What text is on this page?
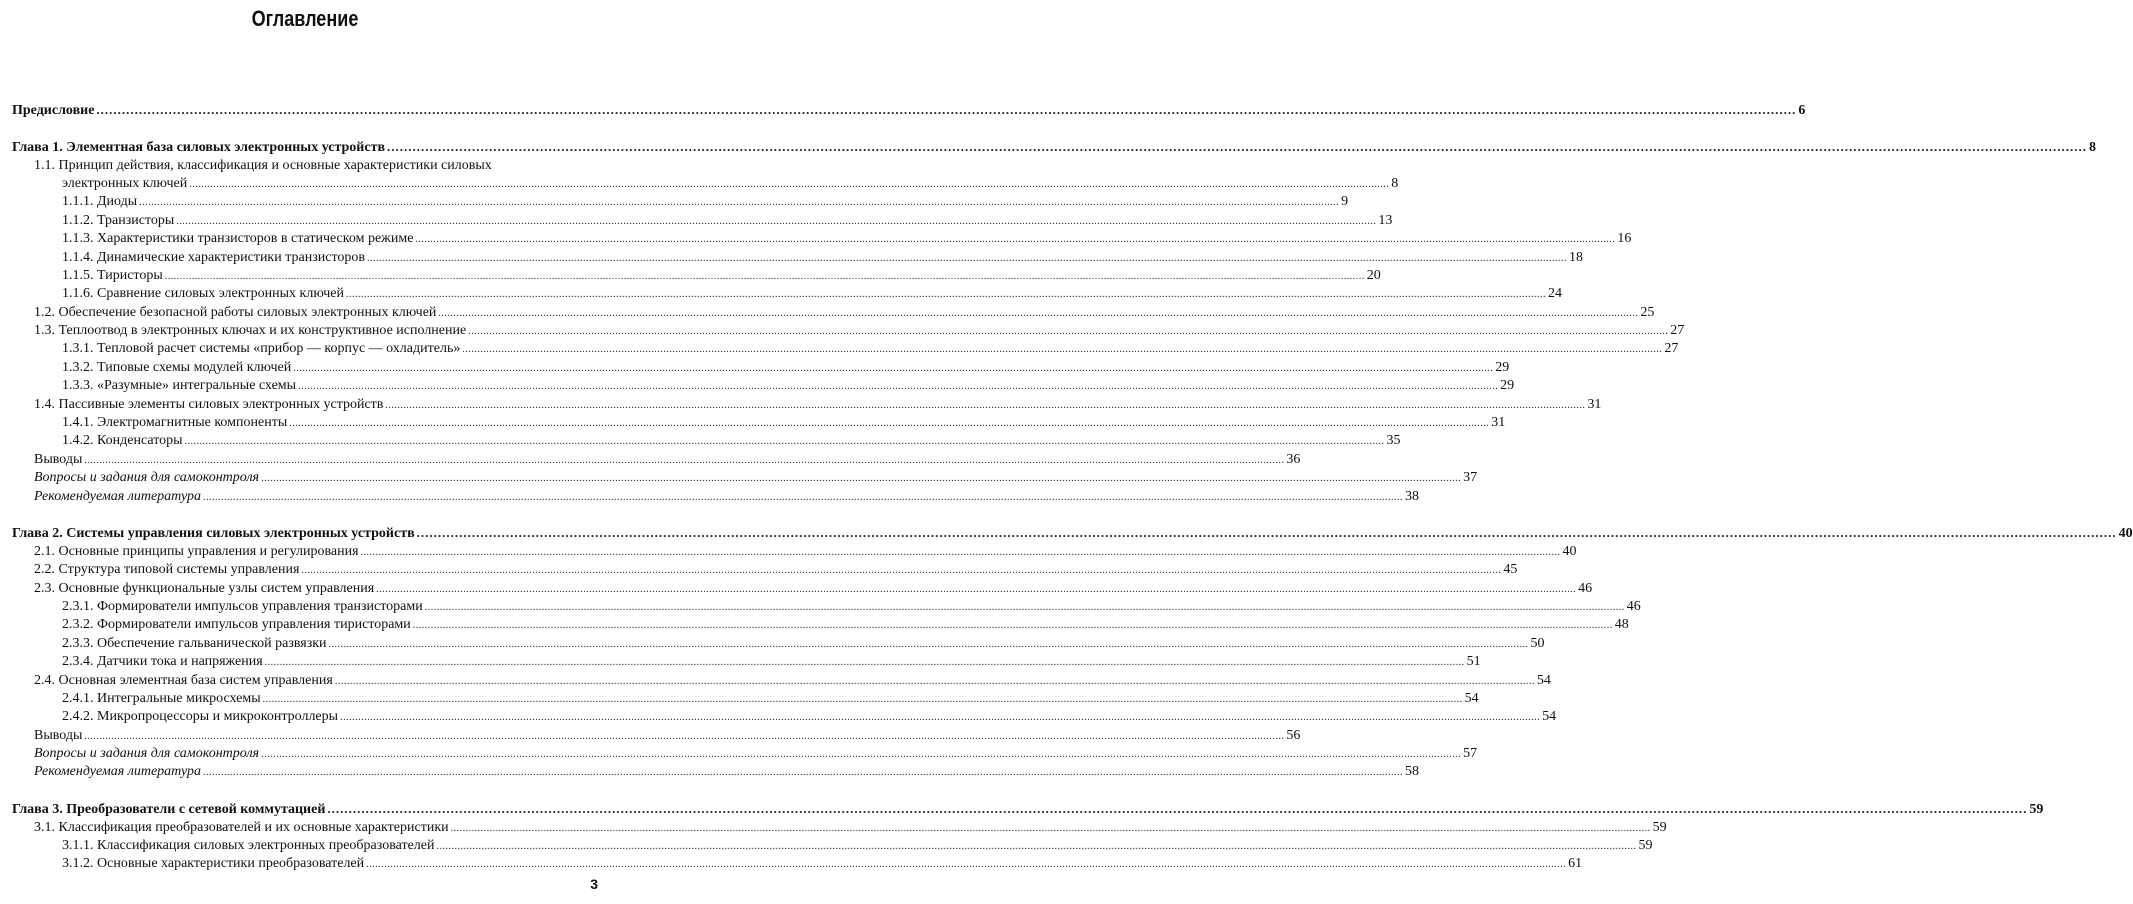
Оглавление
Предисловие ................................................................................................................................................................................................................................................................................................................................................................................................................ 6
Глава 1. Элементная база силовых электронных устройств ................................................................................................................................................................................................................................................................................................................................................................................................................ 8
1.1. Принцип действия, классификация и основные характеристики силовых
электронных ключей ................................................................................................................................................................................................................................................................................................................................................................................................................ 8
1.1.1. Диоды ................................................................................................................................................................................................................................................................................................................................................................................................................ 9
1.1.2. Транзисторы ................................................................................................................................................................................................................................................................................................................................................................................................................ 13
1.1.3. Характеристики транзисторов в статическом режиме ................................................................................................................................................................................................................................................................................................................................................................................................................ 16
1.1.4. Динамические характеристики транзисторов ................................................................................................................................................................................................................................................................................................................................................................................................................ 18
1.1.5. Тиристоры ................................................................................................................................................................................................................................................................................................................................................................................................................ 20
1.1.6. Сравнение силовых электронных ключей ................................................................................................................................................................................................................................................................................................................................................................................................................ 24
1.2. Обеспечение безопасной работы силовых электронных ключей ................................................................................................................................................................................................................................................................................................................................................................................................................ 25
1.3. Теплоотвод в электронных ключах и их конструктивное исполнение ................................................................................................................................................................................................................................................................................................................................................................................................................ 27
1.3.1. Тепловой расчет системы «прибор — корпус — охладитель» ................................................................................................................................................................................................................................................................................................................................................................................................................ 27
1.3.2. Типовые схемы модулей ключей ................................................................................................................................................................................................................................................................................................................................................................................................................ 29
1.3.3. «Разумные» интегральные схемы ................................................................................................................................................................................................................................................................................................................................................................................................................ 29
1.4. Пассивные элементы силовых электронных устройств ................................................................................................................................................................................................................................................................................................................................................................................................................ 31
1.4.1. Электромагнитные компоненты ................................................................................................................................................................................................................................................................................................................................................................................................................ 31
1.4.2. Конденсаторы ................................................................................................................................................................................................................................................................................................................................................................................................................ 35
Выводы ................................................................................................................................................................................................................................................................................................................................................................................................................ 36
Вопросы и задания для самоконтроля ................................................................................................................................................................................................................................................................................................................................................................................................................ 37
Рекомендуемая литература ................................................................................................................................................................................................................................................................................................................................................................................................................ 38
Глава 2. Системы управления силовых электронных устройств ................................................................................................................................................................................................................................................................................................................................................................................................................ 40
2.1. Основные принципы управления и регулирования ................................................................................................................................................................................................................................................................................................................................................................................................................ 40
2.2. Структура типовой системы управления ................................................................................................................................................................................................................................................................................................................................................................................................................ 45
2.3. Основные функциональные узлы систем управления ................................................................................................................................................................................................................................................................................................................................................................................................................ 46
2.3.1. Формирователи импульсов управления транзисторами ................................................................................................................................................................................................................................................................................................................................................................................................................ 46
2.3.2. Формирователи импульсов управления тиристорами ................................................................................................................................................................................................................................................................................................................................................................................................................ 48
2.3.3. Обеспечение гальванической развязки ................................................................................................................................................................................................................................................................................................................................................................................................................ 50
2.3.4. Датчики тока и напряжения ................................................................................................................................................................................................................................................................................................................................................................................................................ 51
2.4. Основная элементная база систем управления ................................................................................................................................................................................................................................................................................................................................................................................................................ 54
2.4.1. Интегральные микросхемы ................................................................................................................................................................................................................................................................................................................................................................................................................ 54
2.4.2. Микропроцессоры и микроконтроллеры ................................................................................................................................................................................................................................................................................................................................................................................................................ 54
Выводы ................................................................................................................................................................................................................................................................................................................................................................................................................ 56
Вопросы и задания для самоконтроля ................................................................................................................................................................................................................................................................................................................................................................................................................ 57
Рекомендуемая литература ................................................................................................................................................................................................................................................................................................................................................................................................................ 58
Глава 3. Преобразователи с сетевой коммутацией ................................................................................................................................................................................................................................................................................................................................................................................................................ 59
3.1. Классификация преобразователей и их основные характеристики ................................................................................................................................................................................................................................................................................................................................................................................................................ 59
3.1.1. Классификация силовых электронных преобразователей ................................................................................................................................................................................................................................................................................................................................................................................................................ 59
3.1.2. Основные характеристики преобразователей ................................................................................................................................................................................................................................................................................................................................................................................................................ 61
3
